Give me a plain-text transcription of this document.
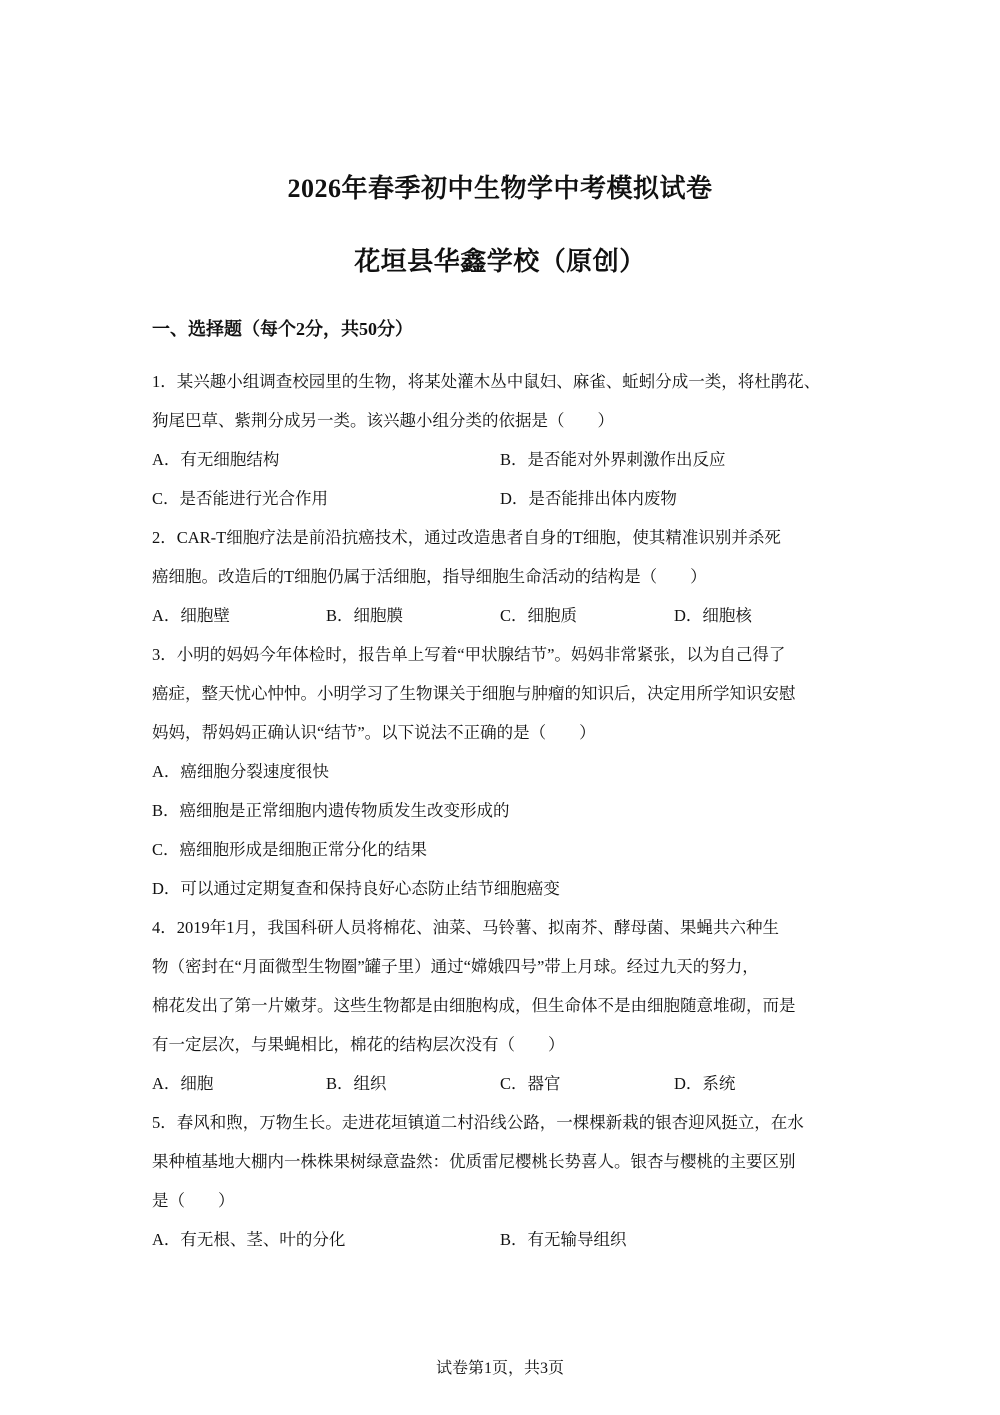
2026年春季初中生物学中考模拟试卷
花垣县华鑫学校（原创）
一、选择题（每个2分，共50分）
1．某兴趣小组调查校园里的生物，将某处灌木丛中鼠妇、麻雀、蚯蚓分成一类，将杜鹃花、
狗尾巴草、紫荆分成另一类。该兴趣小组分类的依据是（　　）
A．有无细胞结构	B．是否能对外界刺激作出反应
C．是否能进行光合作用	D．是否能排出体内废物
2．CAR-T细胞疗法是前沿抗癌技术，通过改造患者自身的T细胞，使其精准识别并杀死
癌细胞。改造后的T细胞仍属于活细胞，指导细胞生命活动的结构是（　　）
A．细胞壁	B．细胞膜	C．细胞质	D．细胞核
3．小明的妈妈今年体检时，报告单上写着“甲状腺结节”。妈妈非常紧张，以为自己得了
癌症，整天忧心忡忡。小明学习了生物课关于细胞与肿瘤的知识后，决定用所学知识安慰
妈妈，帮妈妈正确认识“结节”。以下说法不正确的是（　　）
A．癌细胞分裂速度很快
B．癌细胞是正常细胞内遗传物质发生改变形成的
C．癌细胞形成是细胞正常分化的结果
D．可以通过定期复查和保持良好心态防止结节细胞癌变
4．2019年1月，我国科研人员将棉花、油菜、马铃薯、拟南芥、酵母菌、果蝇共六种生
物（密封在“月面微型生物圈”罐子里）通过“嫦娥四号”带上月球。经过九天的努力，
棉花发出了第一片嫩芽。这些生物都是由细胞构成，但生命体不是由细胞随意堆砌，而是
有一定层次，与果蝇相比，棉花的结构层次没有（　　）
A．细胞	B．组织	C．器官	D．系统
5．春风和煦，万物生长。走进花垣镇道二村沿线公路，一棵棵新栽的银杏迎风挺立，在水
果种植基地大棚内一株株果树绿意盎然：优质雷尼樱桃长势喜人。银杏与樱桃的主要区别
是（　　）
A．有无根、茎、叶的分化	B．有无输导组织
试卷第1页，共3页
